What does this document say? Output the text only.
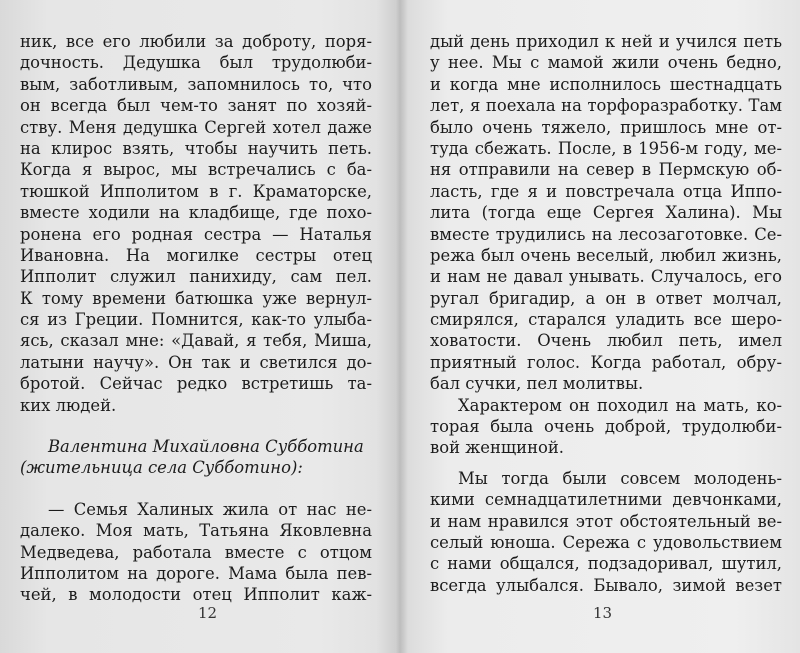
ник, все его любили за доброту, поря-
дочность. Дедушка был трудолюби-
вым, заботливым, запомнилось то, что
он всегда был чем-то занят по хозяй-
ству. Меня дедушка Сергей хотел даже
на клирос взять, чтобы научить петь.
Когда я вырос, мы встречались с ба-
тюшкой Ипполитом в г. Краматорске,
вместе ходили на кладбище, где похо-
ронена его родная сестра — Наталья
Ивановна. На могилке сестры отец
Ипполит служил панихиду, сам пел.
К тому времени батюшка уже вернул-
ся из Греции. Помнится, как-то улыба-
ясь, сказал мне: «Давай, я тебя, Миша,
латыни научу». Он так и светился до-
бротой. Сейчас редко встретишь та-
ких людей.
Валентина Михайловна Субботина
(жительница села Субботино):
— Семья Халиных жила от нас не-
далеко. Моя мать, Татьяна Яковлевна
Медведева, работала вместе с отцом
Ипполитом на дороге. Мама была пев-
чей, в молодости отец Ипполит каж-
12
дый день приходил к ней и учился петь
у нее. Мы с мамой жили очень бедно,
и когда мне исполнилось шестнадцать
лет, я поехала на торфоразработку. Там
было очень тяжело, пришлось мне от-
туда сбежать. После, в 1956-м году, ме-
ня отправили на север в Пермскую об-
ласть, где я и повстречала отца Иппо-
лита (тогда еще Сергея Халина). Мы
вместе трудились на лесозаготовке. Се-
режа был очень веселый, любил жизнь,
и нам не давал унывать. Случалось, его
ругал бригадир, а он в ответ молчал,
смирялся, старался уладить все шеро-
ховатости. Очень любил петь, имел
приятный голос. Когда работал, обру-
бал сучки, пел молитвы.
Характером он походил на мать, ко-
торая была очень доброй, трудолюби-
вой женщиной.
Мы тогда были совсем молодень-
кими семнадцатилетними девчонками,
и нам нравился этот обстоятельный ве-
селый юноша. Сережа с удовольствием
с нами общался, подзадоривал, шутил,
всегда улыбался. Бывало, зимой везет
13
